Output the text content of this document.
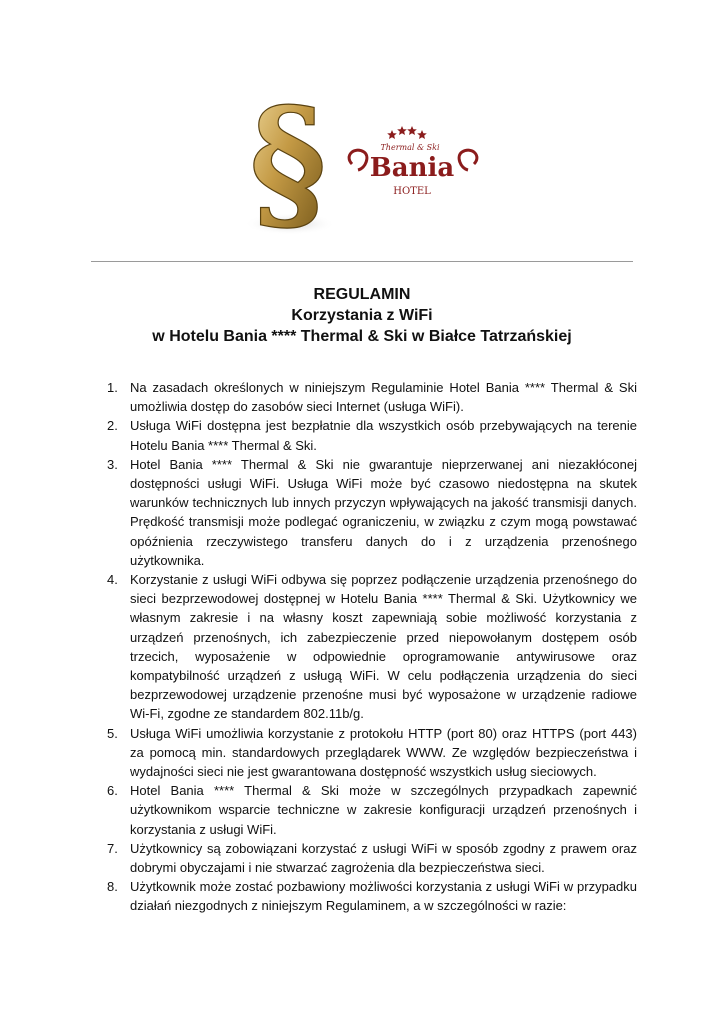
§	Thermal & Ski
Bania
HOTEL
REGULAMIN
Korzystania z WiFi
w Hotelu Bania **** Thermal & Ski w Białce Tatrzańskiej
1. Na zasadach określonych w niniejszym Regulaminie Hotel Bania **** Thermal & Ski umożliwia dostęp do zasobów sieci Internet (usługa WiFi).
2. Usługa WiFi dostępna jest bezpłatnie dla wszystkich osób przebywających na terenie Hotelu Bania **** Thermal & Ski.
3. Hotel Bania **** Thermal & Ski nie gwarantuje nieprzerwanej ani niezakłóconej dostępności usługi WiFi. Usługa WiFi może być czasowo niedostępna na skutek warunków technicznych lub innych przyczyn wpływających na jakość transmisji danych. Prędkość transmisji może podlegać ograniczeniu, w związku z czym mogą powstawać opóźnienia rzeczywistego transferu danych do i z urządzenia przenośnego użytkownika.
4. Korzystanie z usługi WiFi odbywa się poprzez podłączenie urządzenia przenośnego do sieci bezprzewodowej dostępnej w Hotelu Bania **** Thermal & Ski. Użytkownicy we własnym zakresie i na własny koszt zapewniają sobie możliwość korzystania z urządzeń przenośnych, ich zabezpieczenie przed niepowołanym dostępem osób trzecich, wyposażenie w odpowiednie oprogramowanie antywirusowe oraz kompatybilność urządzeń z usługą WiFi. W celu podłączenia urządzenia do sieci bezprzewodowej urządzenie przenośne musi być wyposażone w urządzenie radiowe Wi-Fi, zgodne ze standardem 802.11b/g.
5. Usługa WiFi umożliwia korzystanie z protokołu HTTP (port 80) oraz HTTPS (port 443) za pomocą min. standardowych przeglądarek WWW. Ze względów bezpieczeństwa i wydajności sieci nie jest gwarantowana dostępność wszystkich usług sieciowych.
6. Hotel Bania **** Thermal & Ski może w szczególnych przypadkach zapewnić użytkownikom wsparcie techniczne w zakresie konfiguracji urządzeń przenośnych i korzystania z usługi WiFi.
7. Użytkownicy są zobowiązani korzystać z usługi WiFi w sposób zgodny z prawem oraz dobrymi obyczajami i nie stwarzać zagrożenia dla bezpieczeństwa sieci.
8. Użytkownik może zostać pozbawiony możliwości korzystania z usługi WiFi w przypadku działań niezgodnych z niniejszym Regulaminem, a w szczególności w razie:
